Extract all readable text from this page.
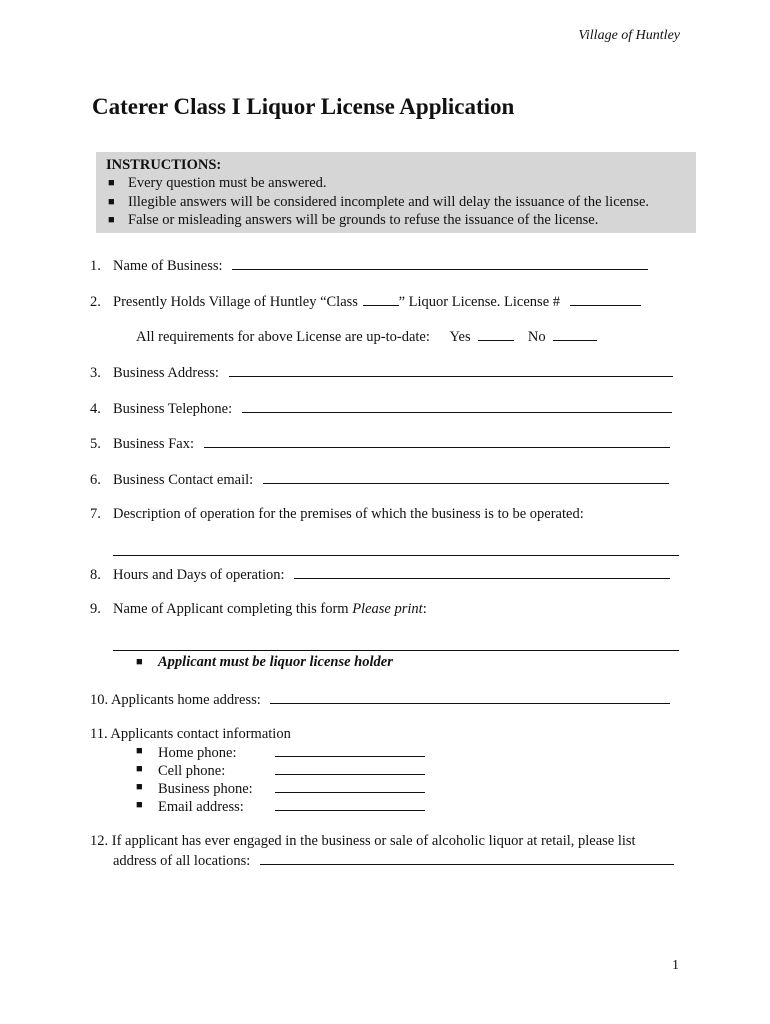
Village of Huntley
Caterer Class I Liquor License Application
INSTRUCTIONS:
■ Every question must be answered.
■ Illegible answers will be considered incomplete and will delay the issuance of the license.
■ False or misleading answers will be grounds to refuse the issuance of the license.
1. Name of Business:
2. Presently Holds Village of Huntley “Class	” Liquor License. License #
All requirements for above License are up-to-date: Yes	No
3. Business Address:
4. Business Telephone:
5. Business Fax:
6. Business Contact email:
7. Description of operation for the premises of which the business is to be operated:
8. Hours and Days of operation:
9. Name of Applicant completing this form Please print:
■ Applicant must be liquor license holder
10. Applicants home address:
11. Applicants contact information
■ Home phone:
■ Cell phone:
■ Business phone:
■ Email address:
12. If applicant has ever engaged in the business or sale of alcoholic liquor at retail, please list
address of all locations:
1
